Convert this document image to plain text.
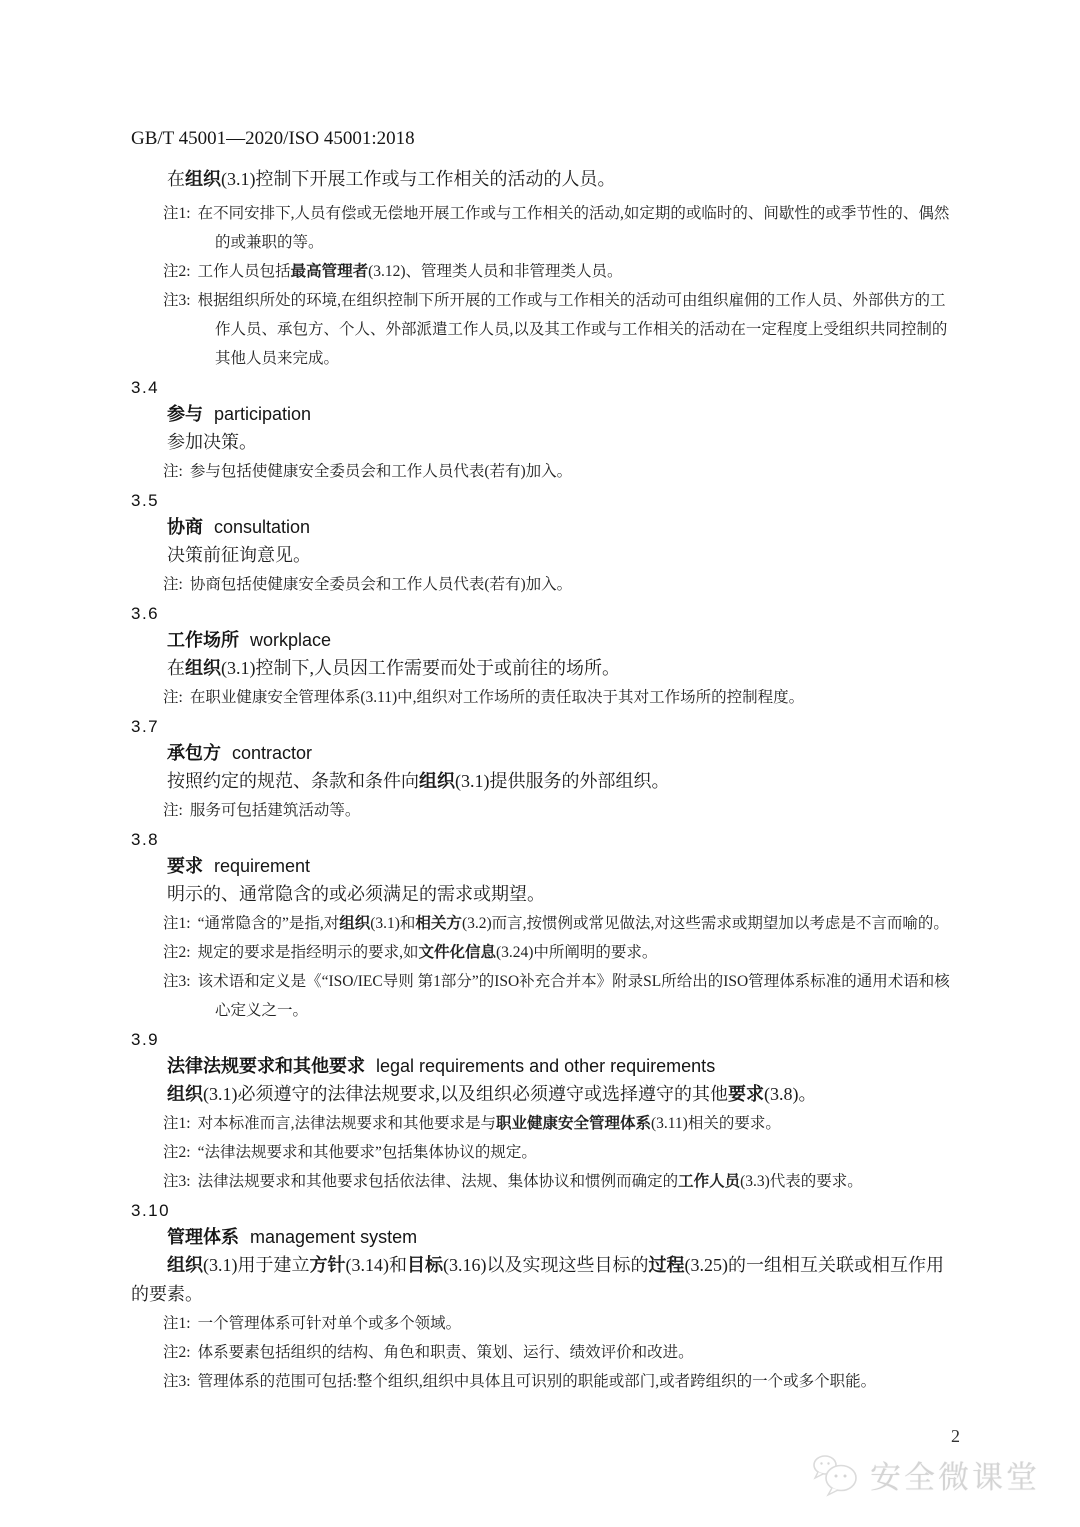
GB/T 45001—2020/ISO 45001:2018

在组织(3.1)控制下开展工作或与工作相关的活动的人员。

注1: 在不同安排下,人员有偿或无偿地开展工作或与工作相关的活动,如定期的或临时的、间歇性的或季节性的、偶然的或兼职的等。

注2: 工作人员包括最高管理者(3.12)、管理类人员和非管理类人员。

注3: 根据组织所处的环境,在组织控制下所开展的工作或与工作相关的活动可由组织雇佣的工作人员、外部供方的工作人员、承包方、个人、外部派遣工作人员,以及其工作或与工作相关的活动在一定程度上受组织共同控制的其他人员来完成。

3.4
参与 participation

参加决策。

注: 参与包括使健康安全委员会和工作人员代表(若有)加入。

3.5
协商 consultation

决策前征询意见。

注: 协商包括使健康安全委员会和工作人员代表(若有)加入。

3.6
工作场所 workplace

在组织(3.1)控制下,人员因工作需要而处于或前往的场所。

注: 在职业健康安全管理体系(3.11)中,组织对工作场所的责任取决于其对工作场所的控制程度。

3.7
承包方 contractor

按照约定的规范、条款和条件向组织(3.1)提供服务的外部组织。

注: 服务可包括建筑活动等。

3.8
要求 requirement

明示的、通常隐含的或必须满足的需求或期望。

注1: “通常隐含的”是指,对组织(3.1)和相关方(3.2)而言,按惯例或常见做法,对这些需求或期望加以考虑是不言而喻的。

注2: 规定的要求是指经明示的要求,如文件化信息(3.24)中所阐明的要求。

注3: 该术语和定义是《“ISO/IEC导则 第1部分”的ISO补充合并本》附录SL所给出的ISO管理体系标准的通用术语和核心定义之一。

3.9
法律法规要求和其他要求 legal requirements and other requirements

组织(3.1)必须遵守的法律法规要求,以及组织必须遵守或选择遵守的其他要求(3.8)。

注1: 对本标准而言,法律法规要求和其他要求是与职业健康安全管理体系(3.11)相关的要求。

注2: “法律法规要求和其他要求”包括集体协议的规定。

注3: 法律法规要求和其他要求包括依法律、法规、集体协议和惯例而确定的工作人员(3.3)代表的要求。

3.10
管理体系 management system

组织(3.1)用于建立方针(3.14)和目标(3.16)以及实现这些目标的过程(3.25)的一组相互关联或相互作用的要素。

注1: 一个管理体系可针对单个或多个领域。

注2: 体系要素包括组织的结构、角色和职责、策划、运行、绩效评价和改进。

注3: 管理体系的范围可包括:整个组织,组织中具体且可识别的职能或部门,或者跨组织的一个或多个职能。

2
安全微课堂
